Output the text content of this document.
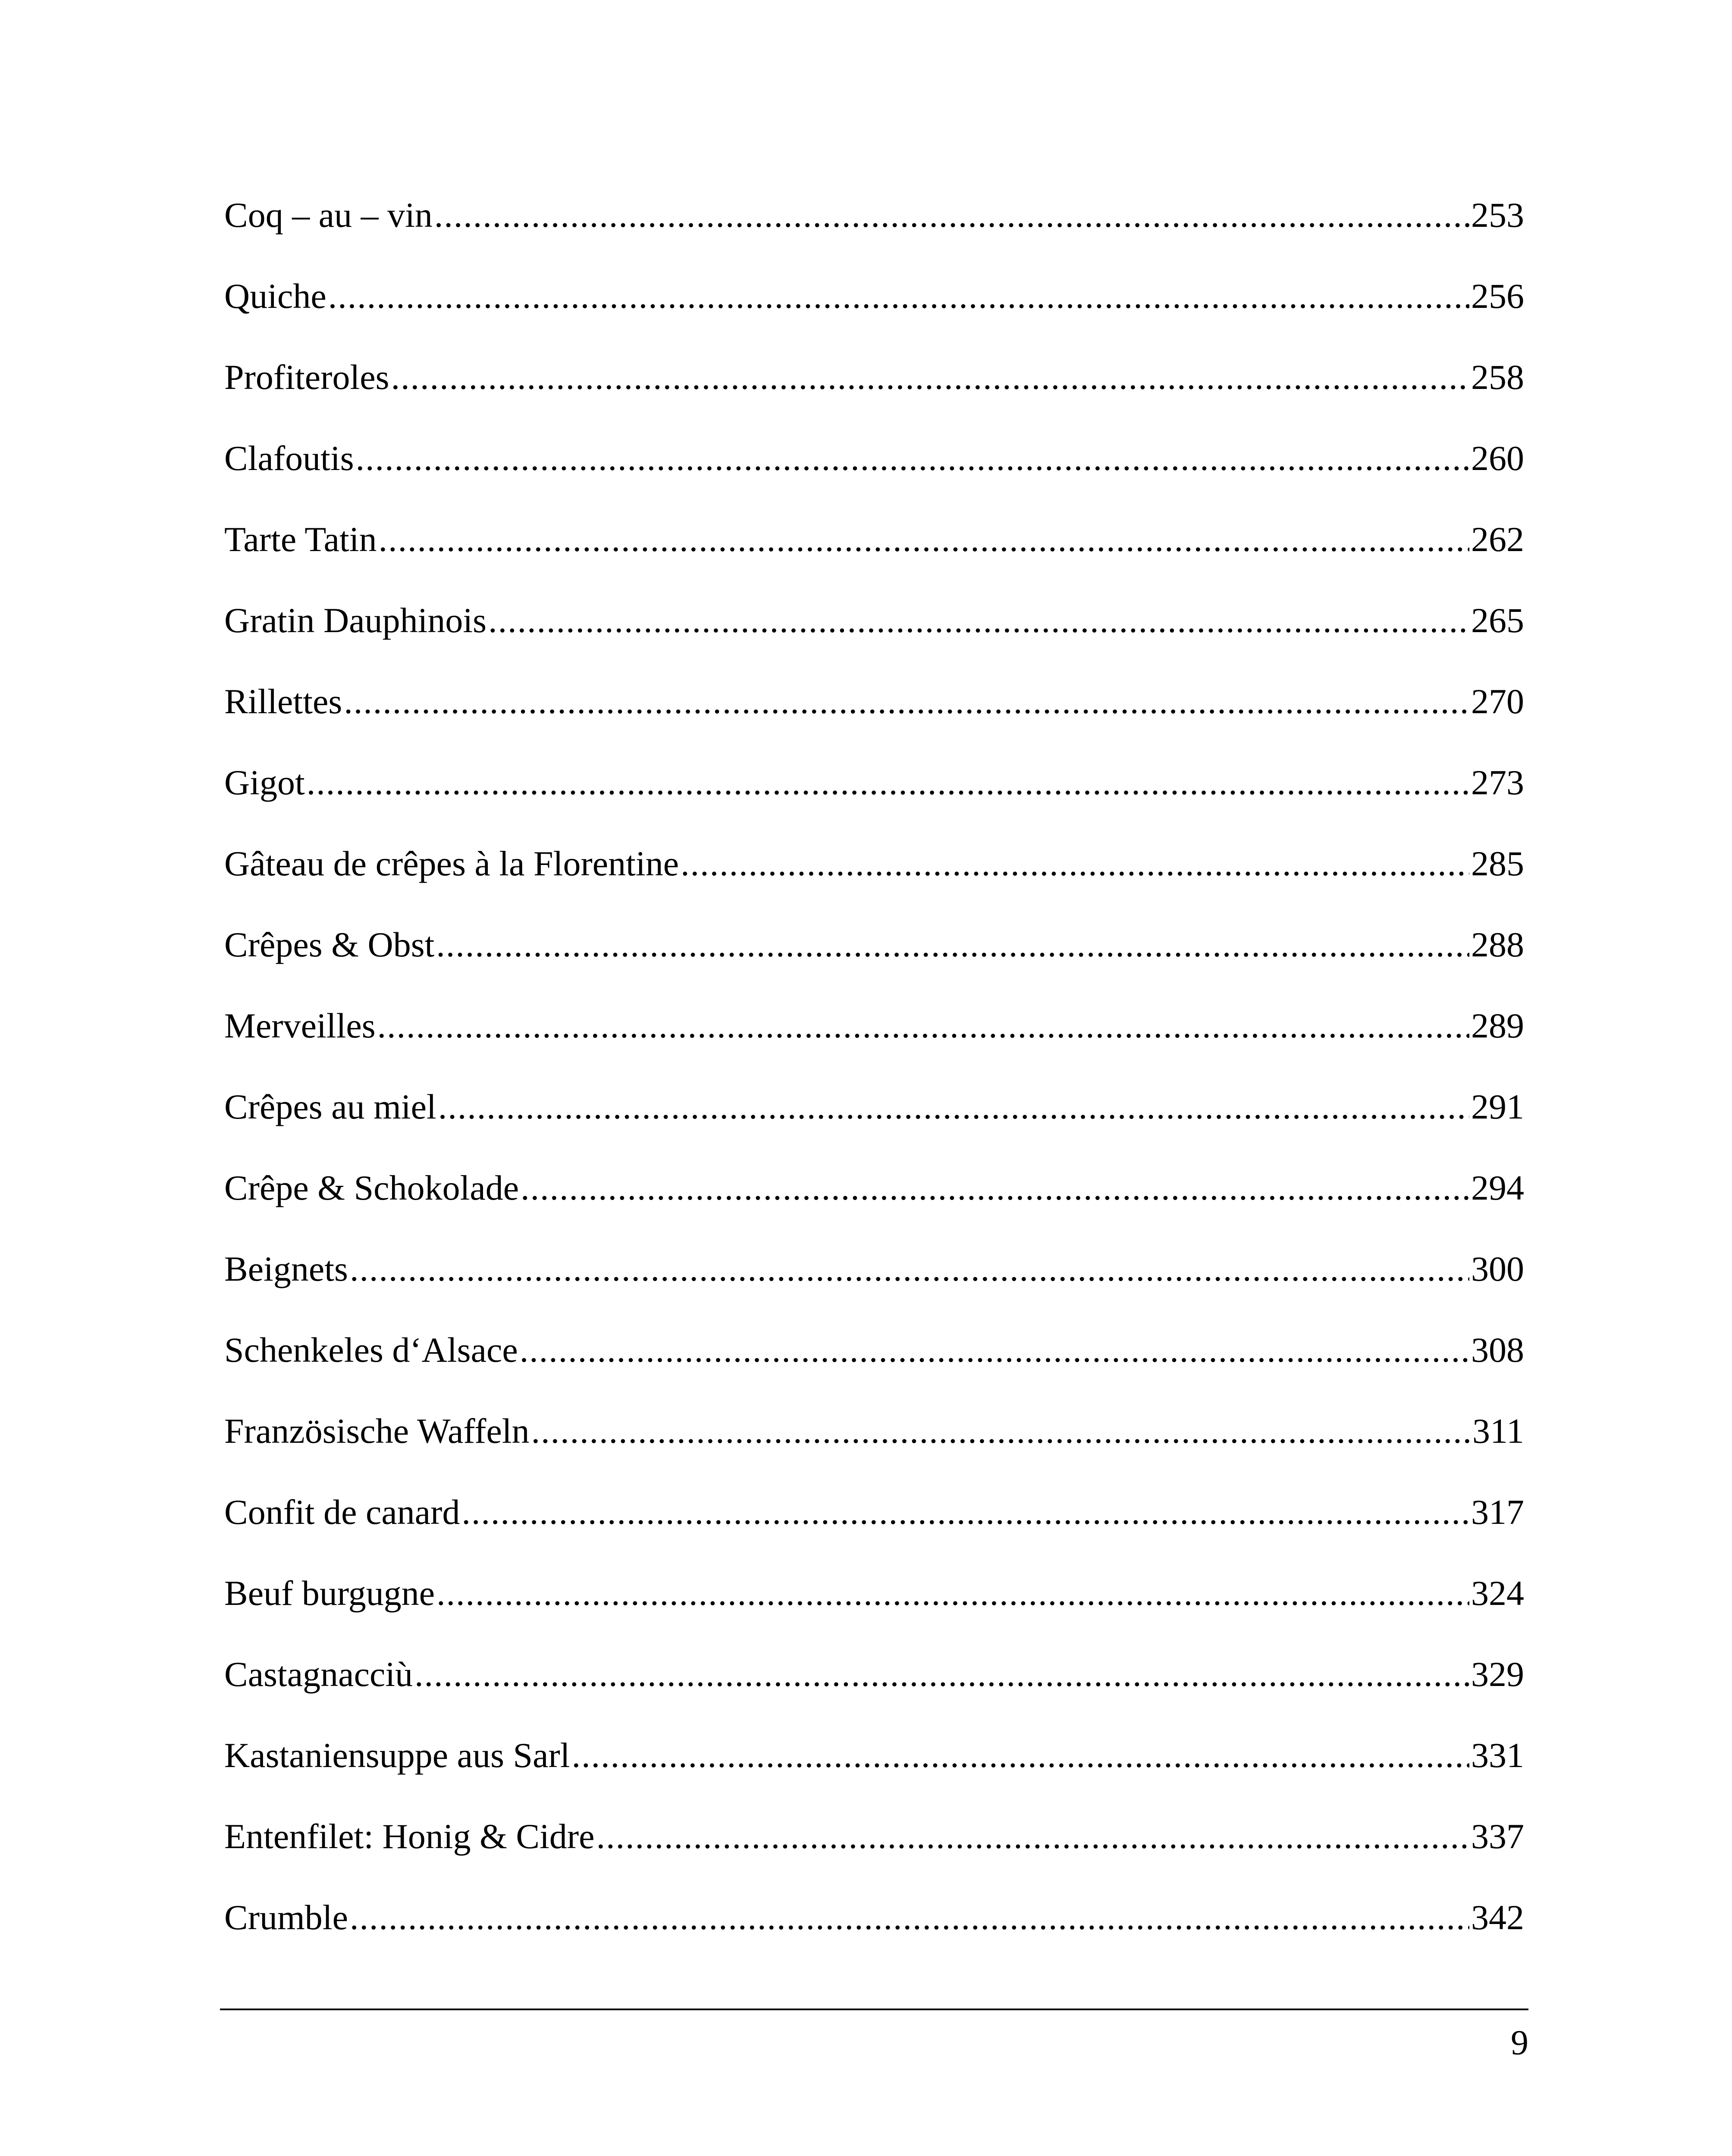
Coq – au – vin .....	253
Quiche .....	256
Profiteroles .....	258
Clafoutis .....	260
Tarte Tatin .....	262
Gratin Dauphinois .....	265
Rillettes .....	270
Gigot .....	273
Gâteau de crêpes à la Florentine .....	285
Crêpes & Obst .....	288
Merveilles .....	289
Crêpes au miel .....	291
Crêpe & Schokolade .....	294
Beignets .....	300
Schenkeles d‘Alsace .....	308
Französische Waffeln .....	311
Confit de canard .....	317
Beuf burgugne .....	324
Castagnacciù .....	329
Kastaniensuppe aus Sarl .....	331
Entenfilet: Honig & Cidre .....	337
Crumble .....	342
9
